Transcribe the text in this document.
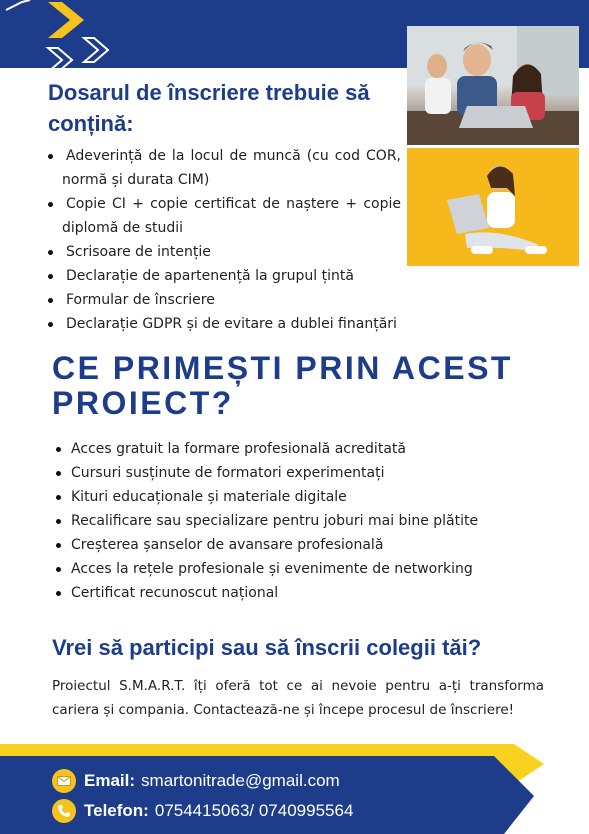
Dosarul de înscriere trebuie să conțină:
Adeverință de la locul de muncă (cu cod COR, normă și durata CIM)
Copie CI + copie certificat de naștere + copie diplomă de studii
Scrisoare de intenție
Declarație de apartenență la grupul țintă
Formular de înscriere
Declarație GDPR și de evitare a dublei finanțări
CE PRIMEȘTI PRIN ACEST PROIECT?
Acces gratuit la formare profesională acreditată
Cursuri susținute de formatori experimentați
Kituri educaționale și materiale digitale
Recalificare sau specializare pentru joburi mai bine plătite
Creșterea șanselor de avansare profesională
Acces la rețele profesionale și evenimente de networking
Certificat recunoscut național
Vrei să participi sau să înscrii colegii tăi?

Proiectul S.M.A.R.T. îți oferă tot ce ai nevoie pentru a-ți transforma cariera și compania. Contactează-ne și începe procesul de înscriere!

Email: smartonitrade@gmail.com
Telefon: 0754415063/ 0740995564
